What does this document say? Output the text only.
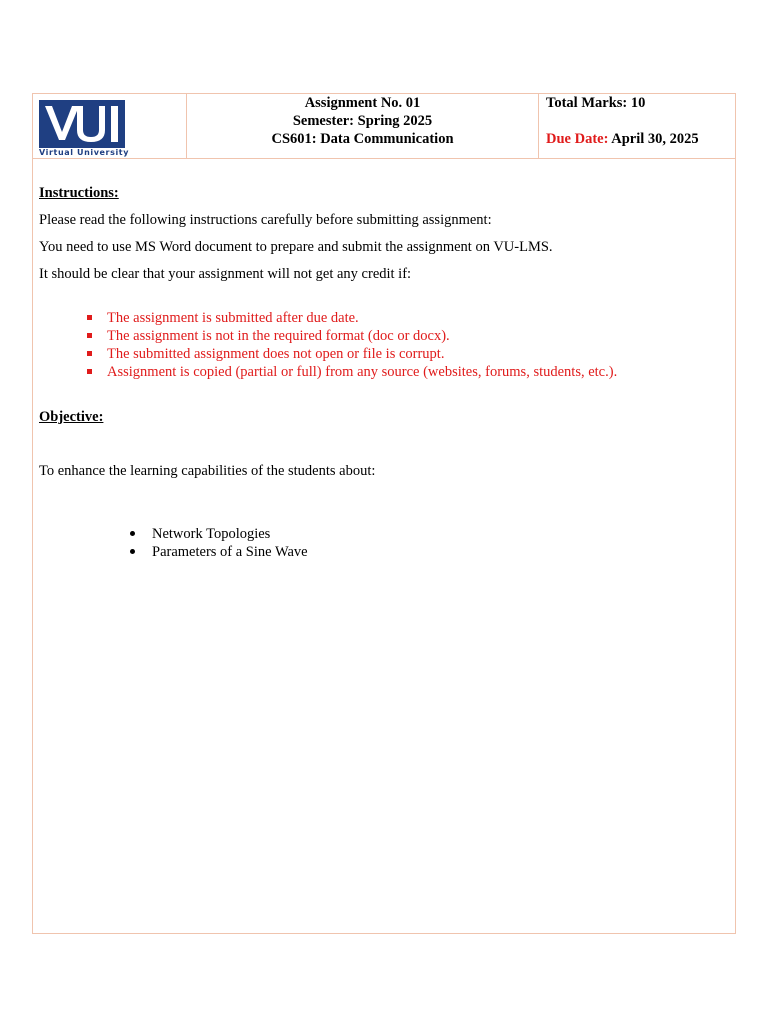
Virtual University
Assignment No. 01
Semester: Spring 2025
CS601: Data Communication
Total Marks: 10
Due Date: April 30, 2025

Instructions:

Please read the following instructions carefully before submitting assignment:

You need to use MS Word document to prepare and submit the assignment on VU-LMS.

It should be clear that your assignment will not get any credit if:

The assignment is submitted after due date.
The assignment is not in the required format (doc or docx).
The submitted assignment does not open or file is corrupt.
Assignment is copied (partial or full) from any source (websites, forums, students, etc.).

Objective:

To enhance the learning capabilities of the students about:

Network Topologies
Parameters of a Sine Wave
